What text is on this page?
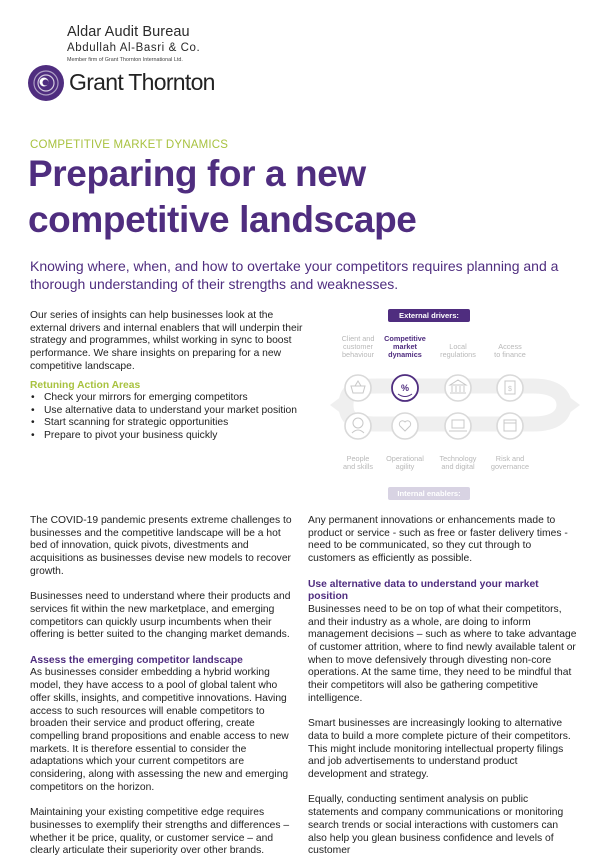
Aldar Audit Bureau
Abdullah Al-Basri & Co.
Member firm of Grant Thornton International Ltd.
Grant Thornton
COMPETITIVE MARKET DYNAMICS
Preparing for a new
competitive landscape

Knowing where, when, and how to overtake your competitors requires planning and a thorough understanding of their strengths and weaknesses.

Our series of insights can help businesses look at the external drivers and internal enablers that will underpin their strategy and programmes, whilst working in sync to boost performance. We share insights on preparing for a new competitive landscape.

Retuning Action Areas
• Check your mirrors for emerging competitors
• Use alternative data to understand your market position
• Start scanning for strategic opportunities
• Prepare to pivot your business quickly
%	$
External drivers:
Internal enablers:
Client and
customer
behaviour
Competitive
market
dynamics
Local
regulations
Access
to finance
People
and skills
Operational
agility
Technology
and digital
Risk and
governance

The COVID-19 pandemic presents extreme challenges to businesses and the competitive landscape will be a hot bed of innovation, quick pivots, divestments and acquisitions as businesses devise new models to recover growth.

Businesses need to understand where their products and services fit within the new marketplace, and emerging competitors can quickly usurp incumbents when their offering is better suited to the changing market demands.

Assess the emerging competitor landscape

As businesses consider embedding a hybrid working model, they have access to a pool of global talent who offer skills, insights, and competitive innovations. Having access to such resources will enable competitors to broaden their service and product offering, create compelling brand propositions and enable access to new markets. It is therefore essential to consider the adaptations which your current competitors are considering, along with assessing the new and emerging competitors on the horizon.

Maintaining your existing competitive edge requires businesses to exemplify their strengths and differences – whether it be price, quality, or customer service – and clearly articulate their superiority over other brands.

Any permanent innovations or enhancements made to product or service - such as free or faster delivery times - need to be communicated, so they cut through to customers as efficiently as possible.

Use alternative data to understand your market position

Businesses need to be on top of what their competitors, and their industry as a whole, are doing to inform management decisions – such as where to take advantage of customer attrition, where to find newly available talent or when to move defensively through divesting non-core operations. At the same time, they need to be mindful that their competitors will also be gathering competitive intelligence.

Smart businesses are increasingly looking to alternative data to build a more complete picture of their competitors. This might include monitoring intellectual property filings and job advertisements to understand product development and strategy.

Equally, conducting sentiment analysis on public statements and company communications or monitoring search trends or social interactions with customers can also help you glean business confidence and levels of customer
